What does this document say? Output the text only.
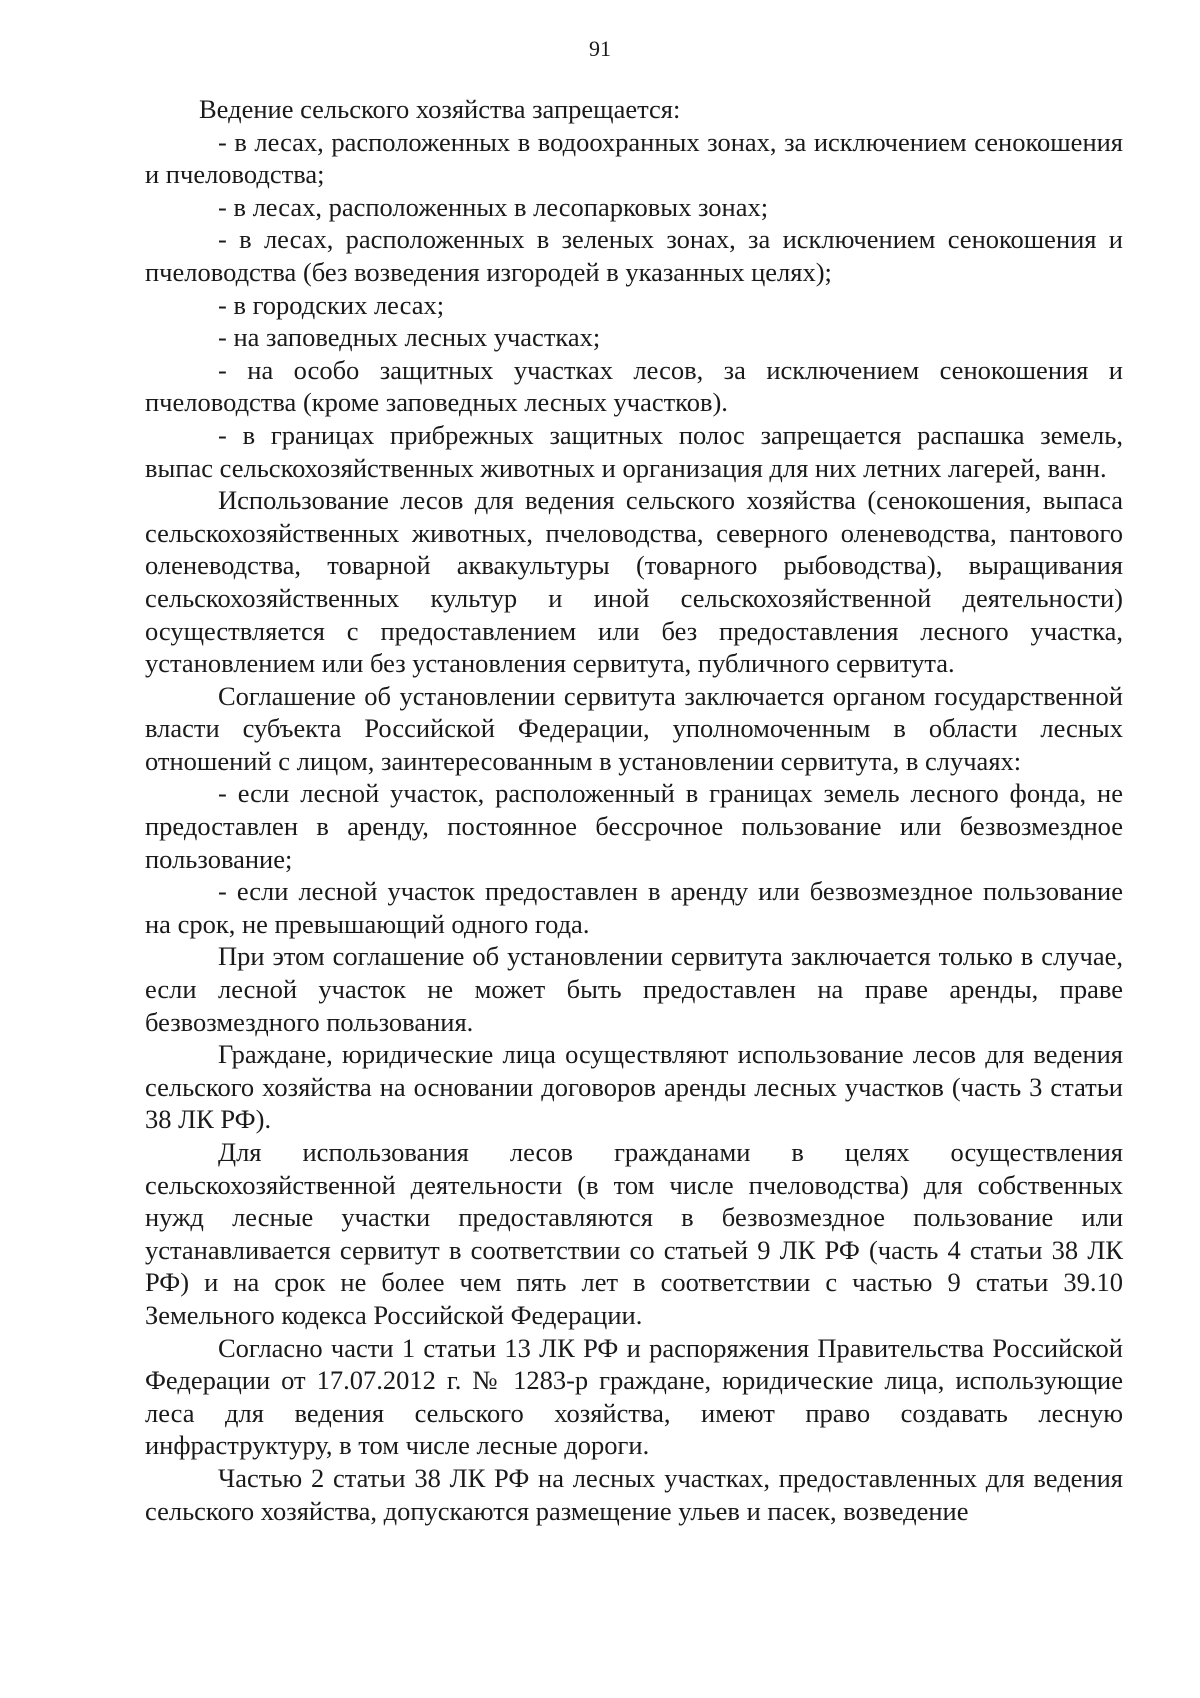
91

Ведение сельского хозяйства запрещается:

- в лесах, расположенных в водоохранных зонах, за исключением сенокошения и пчеловодства;

- в лесах, расположенных в лесопарковых зонах;

- в лесах, расположенных в зеленых зонах, за исключением сенокошения и пчеловодства (без возведения изгородей в указанных целях);

- в городских лесах;

- на заповедных лесных участках;

- на особо защитных участках лесов, за исключением сенокошения и пчеловодства (кроме заповедных лесных участков).

- в границах прибрежных защитных полос запрещается распашка земель, выпас сельскохозяйственных животных и организация для них летних лагерей, ванн.

Использование лесов для ведения сельского хозяйства (сенокошения, выпаса сельскохозяйственных животных, пчеловодства, северного оленеводства, пантового оленеводства, товарной аквакультуры (товарного рыбоводства), выращивания сельскохозяйственных культур и иной сельскохозяйственной деятельности) осуществляется с предоставлением или без предоставления лесного участка, установлением или без установления сервитута, публичного сервитута.

Соглашение об установлении сервитута заключается органом государственной власти субъекта Российской Федерации, уполномоченным в области лесных отношений с лицом, заинтересованным в установлении сервитута, в случаях:

- если лесной участок, расположенный в границах земель лесного фонда, не предоставлен в аренду, постоянное бессрочное пользование или безвозмездное пользование;

- если лесной участок предоставлен в аренду или безвозмездное пользование на срок, не превышающий одного года.

При этом соглашение об установлении сервитута заключается только в случае, если лесной участок не может быть предоставлен на праве аренды, праве безвозмездного пользования.

Граждане, юридические лица осуществляют использование лесов для ведения сельского хозяйства на основании договоров аренды лесных участков (часть 3 статьи 38 ЛК РФ).

Для использования лесов гражданами в целях осуществления сельскохозяйственной деятельности (в том числе пчеловодства) для собственных нужд лесные участки предоставляются в безвозмездное пользование или устанавливается сервитут в соответствии со статьей 9 ЛК РФ (часть 4 статьи 38 ЛК РФ) и на срок не более чем пять лет в соответствии с частью 9 статьи 39.10 Земельного кодекса Российской Федерации.

Согласно части 1 статьи 13 ЛК РФ и распоряжения Правительства Российской Федерации от 17.07.2012 г. № 1283-р граждане, юридические лица, использующие леса для ведения сельского хозяйства, имеют право создавать лесную инфраструктуру, в том числе лесные дороги.

Частью 2 статьи 38 ЛК РФ на лесных участках, предоставленных для ведения сельского хозяйства, допускаются размещение ульев и пасек, возведение
